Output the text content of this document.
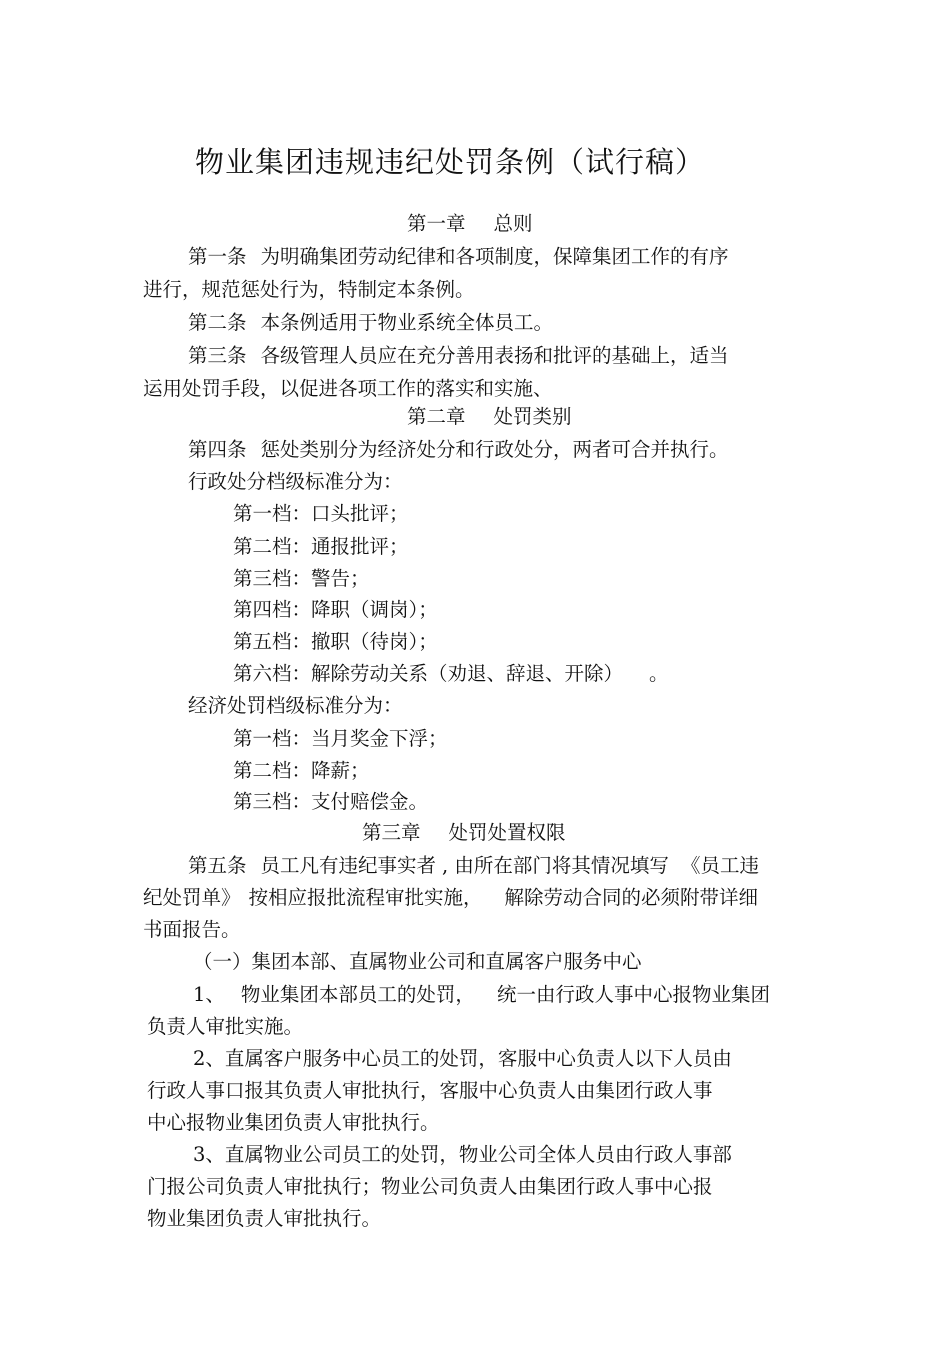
物业集团违规违纪处罚条例（试行稿）
第一章 总则
第一条 为明确集团劳动纪律和各项制度，保障集团工作的有序
进行，规范惩处行为，特制定本条例。
第二条 本条例适用于物业系统全体员工。
第三条 各级管理人员应在充分善用表扬和批评的基础上，适当
运用处罚手段，以促进各项工作的落实和实施、
第二章 处罚类别
第四条 惩处类别分为经济处分和行政处分，两者可合并执行。
行政处分档级标准分为：
第一档：口头批评；
第二档：通报批评；
第三档：警告；
第四档：降职（调岗）；
第五档：撤职（待岗）；
第六档：解除劳动关系（劝退、辞退、开除） 。
经济处罚档级标准分为：
第一档：当月奖金下浮；
第二档：降薪；
第三档：支付赔偿金。
第三章 处罚处置权限
第五条 员工凡有违纪事实者 , 由所在部门将其情况填写 《员工违
纪处罚单》 按相应报批流程审批实施， 解除劳动合同的必须附带详细
书面报告。
（一）集团本部、直属物业公司和直属客户服务中心
1、 物业集团本部员工的处罚， 统一由行政人事中心报物业集团
负责人审批实施。
2、直属客户服务中心员工的处罚，客服中心负责人以下人员由
行政人事口报其负责人审批执行，客服中心负责人由集团行政人事
中心报物业集团负责人审批执行。
3、直属物业公司员工的处罚，物业公司全体人员由行政人事部
门报公司负责人审批执行；物业公司负责人由集团行政人事中心报
物业集团负责人审批执行。
